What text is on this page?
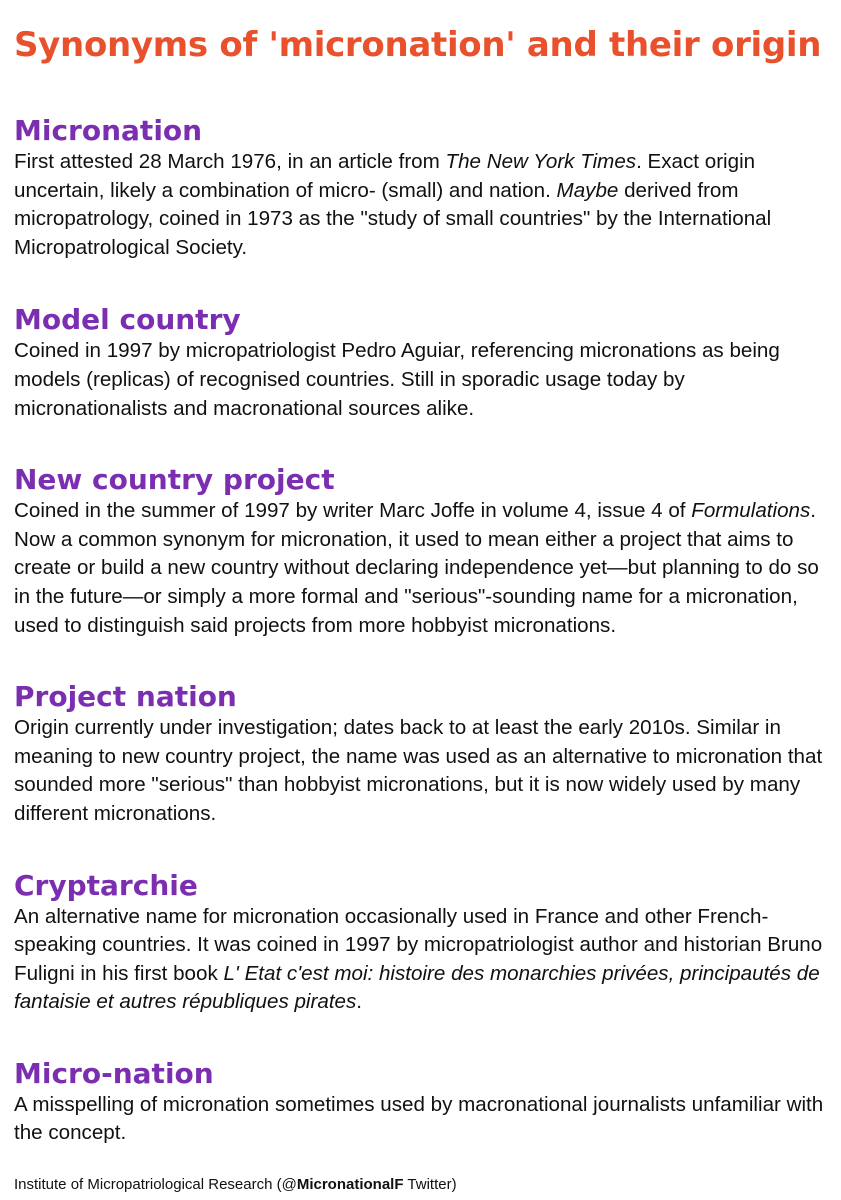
Synonyms of 'micronation' and their origin
Micronation

First attested 28 March 1976, in an article from The New York Times. Exact origin uncertain, likely a combination of micro- (small) and nation. Maybe derived from micropatrology, coined in 1973 as the "study of small countries" by the International Micropatrological Society.

Model country

Coined in 1997 by micropatriologist Pedro Aguiar, referencing micronations as being models (replicas) of recognised countries. Still in sporadic usage today by micronationalists and macronational sources alike.

New country project

Coined in the summer of 1997 by writer Marc Joffe in volume 4, issue 4 of Formulations. Now a common synonym for micronation, it used to mean either a project that aims to create or build a new country without declaring independence yet—but planning to do so in the future—or simply a more formal and "serious"-sounding name for a micronation, used to distinguish said projects from more hobbyist micronations.

Project nation

Origin currently under investigation; dates back to at least the early 2010s. Similar in meaning to new country project, the name was used as an alternative to micronation that sounded more "serious" than hobbyist micronations, but it is now widely used by many different micronations.

Cryptarchie

An alternative name for micronation occasionally used in France and other French-speaking countries. It was coined in 1997 by micropatriologist author and historian Bruno Fuligni in his first book L' Etat c'est moi: histoire des monarchies privées, principautés de fantaisie et autres républiques pirates.

Micro-nation

A misspelling of micronation sometimes used by macronational journalists unfamiliar with the concept.

Institute of Micropatriological Research (@MicronationalF Twitter)
